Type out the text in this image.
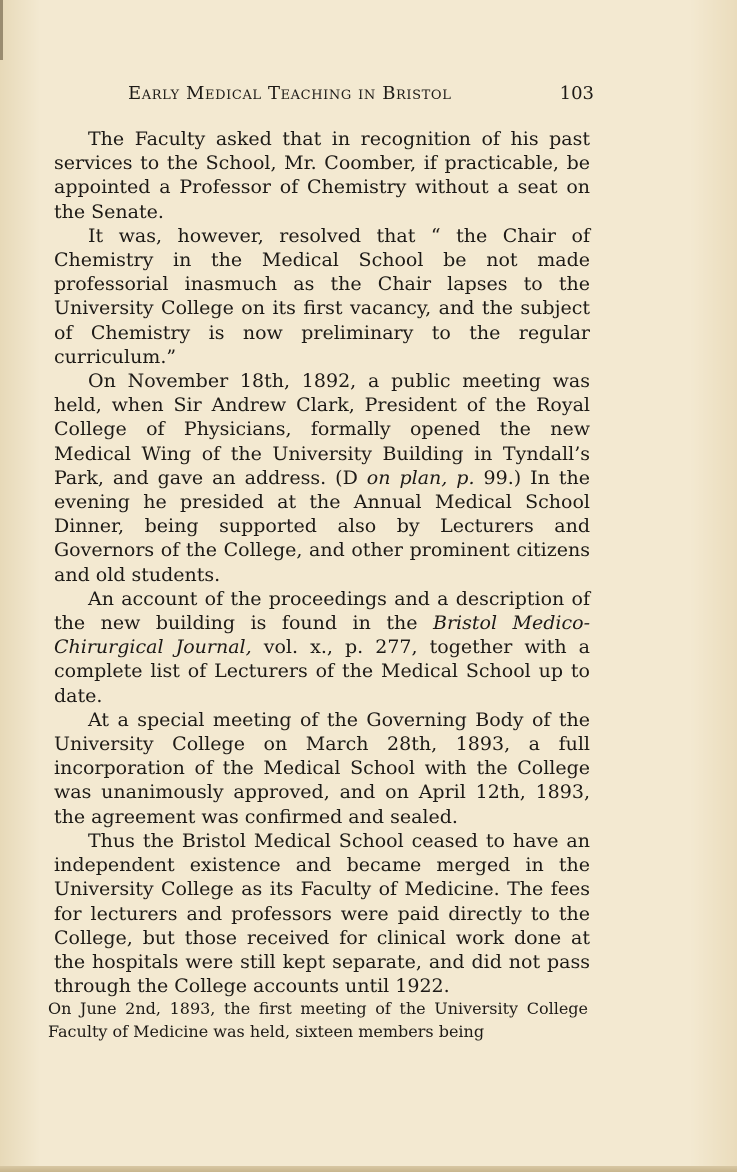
Early Medical Teaching in Bristol	103

The Faculty asked that in recognition of his past services to the School, Mr. Coomber, if practicable, be appointed a Professor of Chemistry without a seat on the Senate.

It was, however, resolved that “ the Chair of Chemistry in the Medical School be not made professorial inasmuch as the Chair lapses to the University College on its first vacancy, and the subject of Chemistry is now preliminary to the regular curriculum.”

On November 18th, 1892, a public meeting was held, when Sir Andrew Clark, President of the Royal College of Physicians, formally opened the new Medical Wing of the University Building in Tyndall’s Park, and gave an address. (D on plan, p. 99.) In the evening he presided at the Annual Medical School Dinner, being supported also by Lecturers and Governors of the College, and other prominent citizens and old students.

An account of the proceedings and a description of the new building is found in the Bristol Medico-Chirurgical Journal, vol. x., p. 277, together with a complete list of Lecturers of the Medical School up to date.

At a special meeting of the Governing Body of the University College on March 28th, 1893, a full incorporation of the Medical School with the College was unanimously approved, and on April 12th, 1893, the agreement was confirmed and sealed.

Thus the Bristol Medical School ceased to have an independent existence and became merged in the University College as its Faculty of Medicine. The fees for lecturers and professors were paid directly to the College, but those received for clinical work done at the hospitals were still kept separate, and did not pass through the College accounts until 1922.

On June 2nd, 1893, the first meeting of the University College Faculty of Medicine was held, sixteen members being
